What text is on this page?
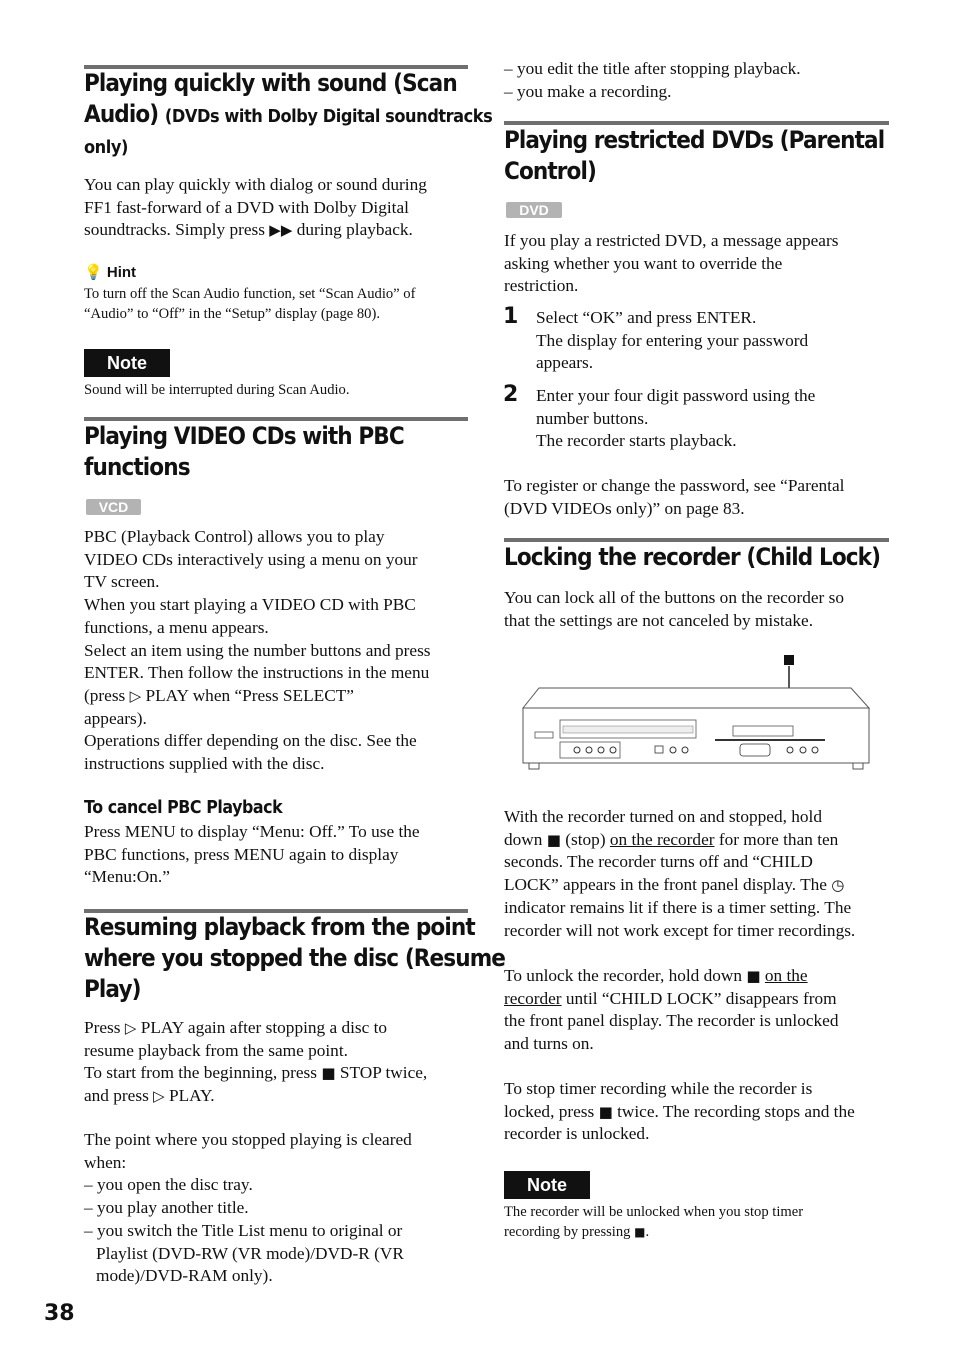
Playing quickly with sound (Scan
Audio) (DVDs with Dolby Digital soundtracks
only)
You can play quickly with dialog or sound during
FF1 fast-forward of a DVD with Dolby Digital
soundtracks. Simply press ▶▶ during playback.
💡 Hint
To turn off the Scan Audio function, set “Scan Audio” of
“Audio” to “Off” in the “Setup” display (page 80).
Note
Sound will be interrupted during Scan Audio.
Playing VIDEO CDs with PBC
functions
VCD
PBC (Playback Control) allows you to play
VIDEO CDs interactively using a menu on your
TV screen.
When you start playing a VIDEO CD with PBC
functions, a menu appears.
Select an item using the number buttons and press
ENTER. Then follow the instructions in the menu
(press ▷ PLAY when “Press SELECT”
appears).
Operations differ depending on the disc. See the
instructions supplied with the disc.
To cancel PBC Playback
Press MENU to display “Menu: Off.” To use the
PBC functions, press MENU again to display
“Menu:On.”
Resuming playback from the point
where you stopped the disc (Resume
Play)
Press ▷ PLAY again after stopping a disc to
resume playback from the same point.
To start from the beginning, press ■ STOP twice,
and press ▷ PLAY.
The point where you stopped playing is cleared
when:
– you open the disc tray.
– you play another title.
– you switch the Title List menu to original or
Playlist (DVD-RW (VR mode)/DVD-R (VR
mode)/DVD-RAM only).
38
– you edit the title after stopping playback.
– you make a recording.
Playing restricted DVDs (Parental
Control)
DVD
If you play a restricted DVD, a message appears
asking whether you want to override the
restriction.
1 Select “OK” and press ENTER.
The display for entering your password
appears.
2 Enter your four digit password using the
number buttons.
The recorder starts playback.
To register or change the password, see “Parental
(DVD VIDEOs only)” on page 83.
Locking the recorder (Child Lock)
You can lock all of the buttons on the recorder so
that the settings are not canceled by mistake.
With the recorder turned on and stopped, hold
down ■ (stop) on the recorder for more than ten
seconds. The recorder turns off and “CHILD
LOCK” appears in the front panel display. The ◷
indicator remains lit if there is a timer setting. The
recorder will not work except for timer recordings.
To unlock the recorder, hold down ■ on the
recorder until “CHILD LOCK” disappears from
the front panel display. The recorder is unlocked
and turns on.
To stop timer recording while the recorder is
locked, press ■ twice. The recording stops and the
recorder is unlocked.
Note
The recorder will be unlocked when you stop timer
recording by pressing ■.
